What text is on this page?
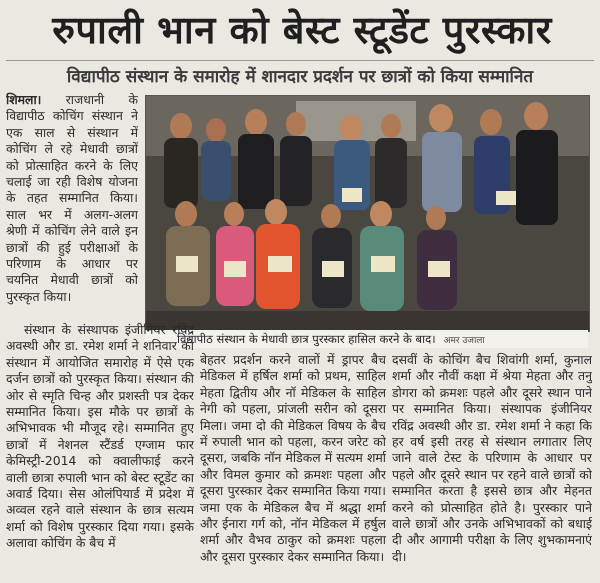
रुपाली भान को बेस्ट स्टूडेंट पुरस्कार
विद्यापीठ संस्थान के समारोह में शानदार प्रदर्शन पर छात्रों को किया सम्मानित

शिमला। राजधानी के विद्यापीठ कोचिंग संस्थान ने एक साल से संस्थान में कोचिंग ले रहे मेधावी छात्रों को प्रोत्साहित करने के लिए चलाई जा रही विशेष योजना के तहत सम्मानित किया। साल भर में अलग-अलग श्रेणी में कोचिंग लेने वाले इन छात्रों की हुई परीक्षाओं के परिणाम के आधार पर चयनित मेधावी छात्रों को पुरस्कृत किया।

विद्यापीठ संस्थान के मेधावी छात्र पुरस्कार हासिल करने के बाद। अमर उजाला

संस्थान के संस्थापक इंजीनियर रविंद्र अवस्थी और डा. रमेश शर्मा ने शनिवार को संस्थान में आयोजित समारोह में ऐसे एक दर्जन छात्रों को पुरस्कृत किया। संस्थान की ओर से स्मृति चिन्ह और प्रशस्ती पत्र देकर सम्मानित किया। इस मौके पर छात्रों के अभिभावक भी मौजूद रहे। सम्मानित हुए छात्रों में नेशनल स्टैंडर्ड एग्जाम फार केमिस्ट्री-2014 को क्वालीफाई करने वाली छात्रा रुपाली भान को बेस्ट स्टूडेंट का अवार्ड दिया। सेस ओलंपियार्ड में प्रदेश में अव्वल रहने वाले संस्थान के छात्र सत्यम शर्मा को विशेष पुरस्कार दिया गया। इसके अलावा कोचिंग के बैच में

बेहतर प्रदर्शन करने वालों में ड्रापर बैच मेडिकल में हर्षिल शर्मा को प्रथम, साहिल मेहता द्वितीय और नॉ मेडिकल के साहिल नेगी को पहला, प्रांजली सरीन को दूसरा मिला। जमा दो की मेडिकल विषय के बैच में रुपाली भान को पहला, करन जरेट को दूसरा, जबकि नॉन मेडिकल में सत्यम शर्मा और विमल कुमार को क्रमशः पहला और दूसरा पुरस्कार देकर सम्मानित किया गया। जमा एक के मेडिकल बैच में श्रद्धा शर्मा और ईनारा गर्ग को, नॉन मेडिकल में हर्षुल शर्मा और वैभव ठाकुर को क्रमशः पहला और दूसरा पुरस्कार देकर सम्मानित किया।

दसवीं के कोचिंग बैच शिवांगी शर्मा, कुनाल शर्मा और नौवीं कक्षा में श्रेया मेहता और तनु डोगरा को क्रमशः पहले और दूसरे स्थान पाने पर सम्मानित किया। संस्थापक इंजीनियर रविंद्र अवस्थी और डा. रमेश शर्मा ने कहा कि हर वर्ष इसी तरह से संस्थान लगातार लिए जाने वाले टेस्ट के परिणाम के आधार पर पहले और दूसरे स्थान पर रहने वाले छात्रों को सम्मानित करता है इससे छात्र और मेहनत करने को प्रोत्साहित होते है। पुरस्कार पाने वाले छात्रों और उनके अभिभावकों को बधाई दी और आगामी परीक्षा के लिए शुभकामनाएं दी।
